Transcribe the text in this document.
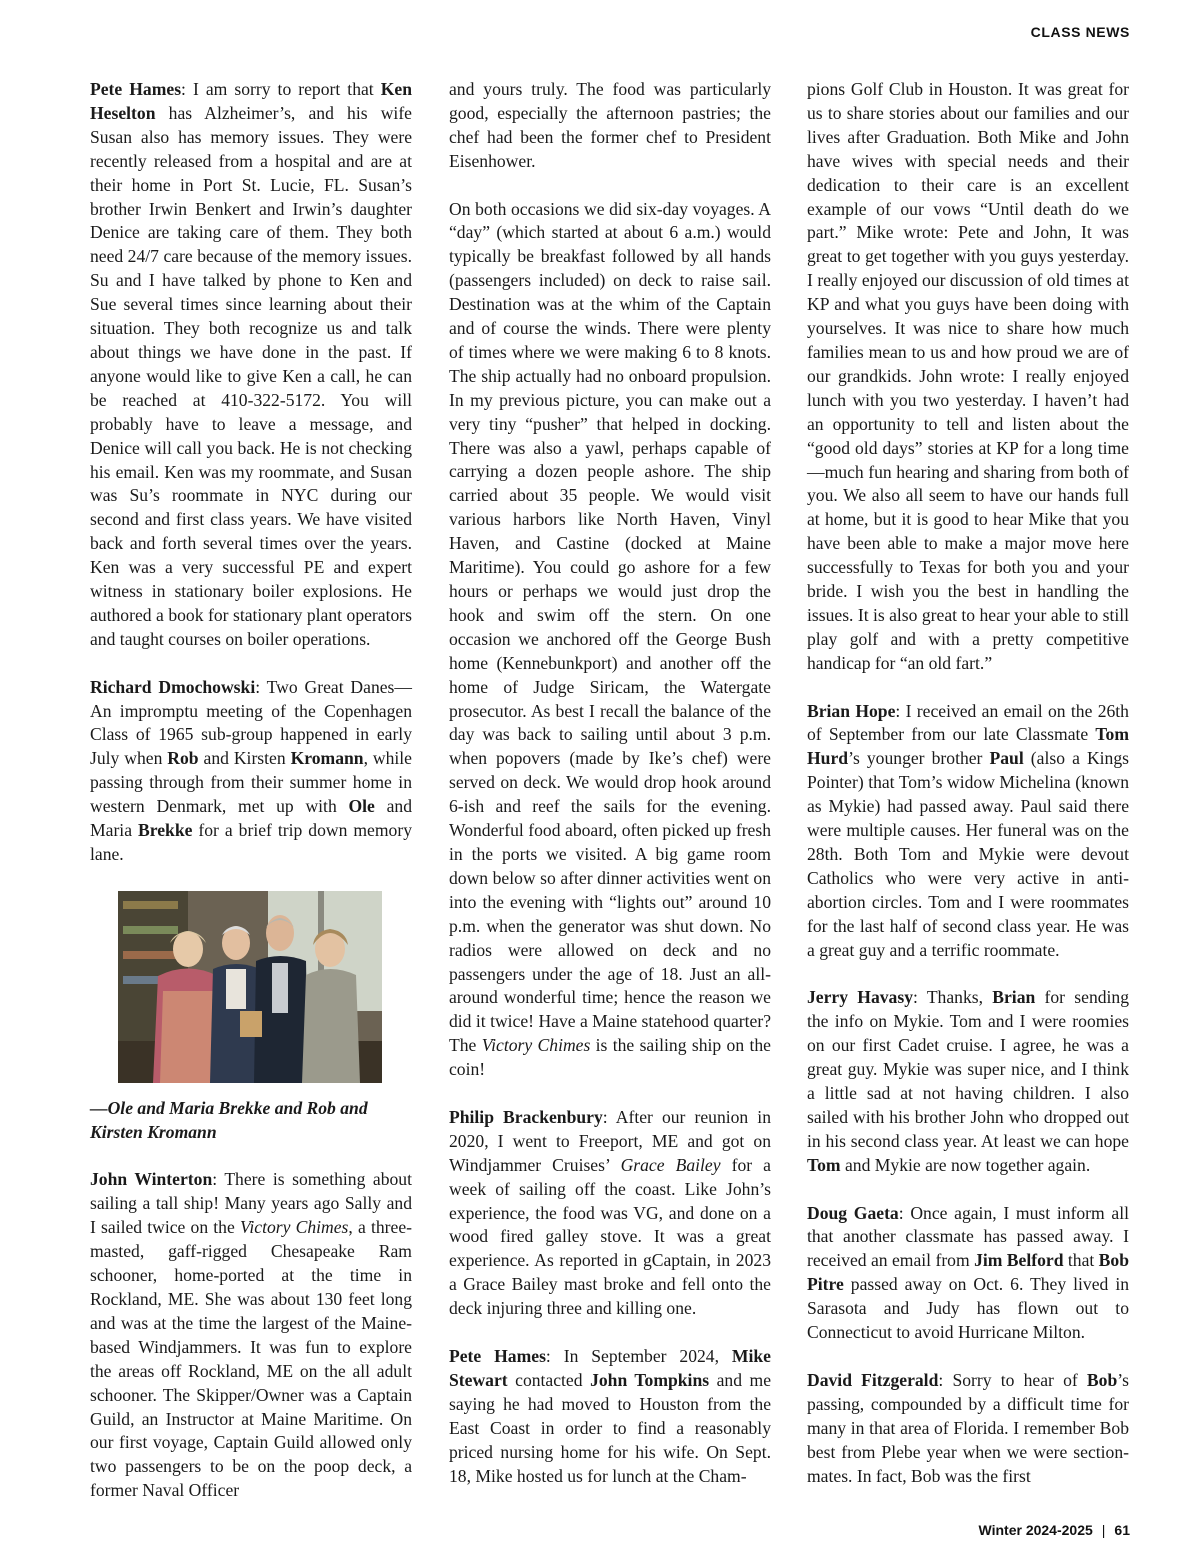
CLASS NEWS

Pete Hames: I am sorry to report that Ken Heselton has Alzheimer’s, and his wife Susan also has memory issues. They were recently released from a hospital and are at their home in Port St. Lucie, FL. Susan’s brother Irwin Benkert and Irwin’s daughter Denice are taking care of them. They both need 24/7 care because of the memory issues. Su and I have talked by phone to Ken and Sue several times since learning about their situation. They both recognize us and talk about things we have done in the past. If anyone would like to give Ken a call, he can be reached at 410-322-5172. You will probably have to leave a message, and Denice will call you back. He is not checking his email. Ken was my roommate, and Susan was Su’s roommate in NYC during our second and first class years. We have visited back and forth several times over the years. Ken was a very successful PE and expert witness in stationary boiler explosions. He authored a book for stationary plant operators and taught courses on boiler operations.

Richard Dmochowski: Two Great Danes—An impromptu meeting of the Copenhagen Class of 1965 sub-group happened in early July when Rob and Kirsten Kromann, while passing through from their summer home in western Denmark, met up with Ole and Maria Brekke for a brief trip down memory lane.

—Ole and Maria Brekke and Rob and Kirsten Kromann

John Winterton: There is something about sailing a tall ship! Many years ago Sally and I sailed twice on the Victory Chimes, a three-masted, gaff-rigged Chesapeake Ram schooner, home-ported at the time in Rockland, ME. She was about 130 feet long and was at the time the largest of the Maine-based Windjammers. It was fun to explore the areas off Rockland, ME on the all adult schooner. The Skipper/Owner was a Captain Guild, an Instructor at Maine Maritime. On our first voyage, Captain Guild allowed only two passengers to be on the poop deck, a former Naval Officer

and yours truly. The food was particularly good, especially the afternoon pastries; the chef had been the former chef to President Eisenhower.

On both occasions we did six-day voyages. A “day” (which started at about 6 a.m.) would typically be breakfast followed by all hands (passengers included) on deck to raise sail. Destination was at the whim of the Captain and of course the winds. There were plenty of times where we were making 6 to 8 knots. The ship actually had no onboard propulsion. In my previous picture, you can make out a very tiny “pusher” that helped in docking. There was also a yawl, perhaps capable of carrying a dozen people ashore. The ship carried about 35 people. We would visit various harbors like North Haven, Vinyl Haven, and Castine (docked at Maine Maritime). You could go ashore for a few hours or perhaps we would just drop the hook and swim off the stern. On one occasion we anchored off the George Bush home (Kennebunkport) and another off the home of Judge Siricam, the Watergate prosecutor. As best I recall the balance of the day was back to sailing until about 3 p.m. when popovers (made by Ike’s chef) were served on deck. We would drop hook around 6-ish and reef the sails for the evening. Wonderful food aboard, often picked up fresh in the ports we visited. A big game room down below so after dinner activities went on into the evening with “lights out” around 10 p.m. when the generator was shut down. No radios were allowed on deck and no passengers under the age of 18. Just an all-around wonderful time; hence the reason we did it twice! Have a Maine statehood quarter? The Victory Chimes is the sailing ship on the coin!

Philip Brackenbury: After our reunion in 2020, I went to Freeport, ME and got on Windjammer Cruises’ Grace Bailey for a week of sailing off the coast. Like John’s experience, the food was VG, and done on a wood fired galley stove. It was a great experience. As reported in gCaptain, in 2023 a Grace Bailey mast broke and fell onto the deck injuring three and killing one.

Pete Hames: In September 2024, Mike Stewart contacted John Tompkins and me saying he had moved to Houston from the East Coast in order to find a reasonably priced nursing home for his wife. On Sept. 18, Mike hosted us for lunch at the Cham-

pions Golf Club in Houston. It was great for us to share stories about our families and our lives after Graduation. Both Mike and John have wives with special needs and their dedication to their care is an excellent example of our vows “Until death do we part.” Mike wrote: Pete and John, It was great to get together with you guys yesterday. I really enjoyed our discussion of old times at KP and what you guys have been doing with yourselves. It was nice to share how much families mean to us and how proud we are of our grandkids. John wrote: I really enjoyed lunch with you two yesterday. I haven’t had an opportunity to tell and listen about the “good old days” stories at KP for a long time—much fun hearing and sharing from both of you. We also all seem to have our hands full at home, but it is good to hear Mike that you have been able to make a major move here successfully to Texas for both you and your bride. I wish you the best in handling the issues. It is also great to hear your able to still play golf and with a pretty competitive handicap for “an old fart.”

Brian Hope: I received an email on the 26th of September from our late Classmate Tom Hurd’s younger brother Paul (also a Kings Pointer) that Tom’s widow Michelina (known as Mykie) had passed away. Paul said there were multiple causes. Her funeral was on the 28th. Both Tom and Mykie were devout Catholics who were very active in anti-abortion circles. Tom and I were roommates for the last half of second class year. He was a great guy and a terrific roommate.

Jerry Havasy: Thanks, Brian for sending the info on Mykie. Tom and I were roomies on our first Cadet cruise. I agree, he was a great guy. Mykie was super nice, and I think a little sad at not having children. I also sailed with his brother John who dropped out in his second class year. At least we can hope Tom and Mykie are now together again.

Doug Gaeta: Once again, I must inform all that another classmate has passed away. I received an email from Jim Belford that Bob Pitre passed away on Oct. 6. They lived in Sarasota and Judy has flown out to Connecticut to avoid Hurricane Milton.

David Fitzgerald: Sorry to hear of Bob’s passing, compounded by a difficult time for many in that area of Florida. I remember Bob best from Plebe year when we were section-mates. In fact, Bob was the first

Winter 2024-2025 | 61
